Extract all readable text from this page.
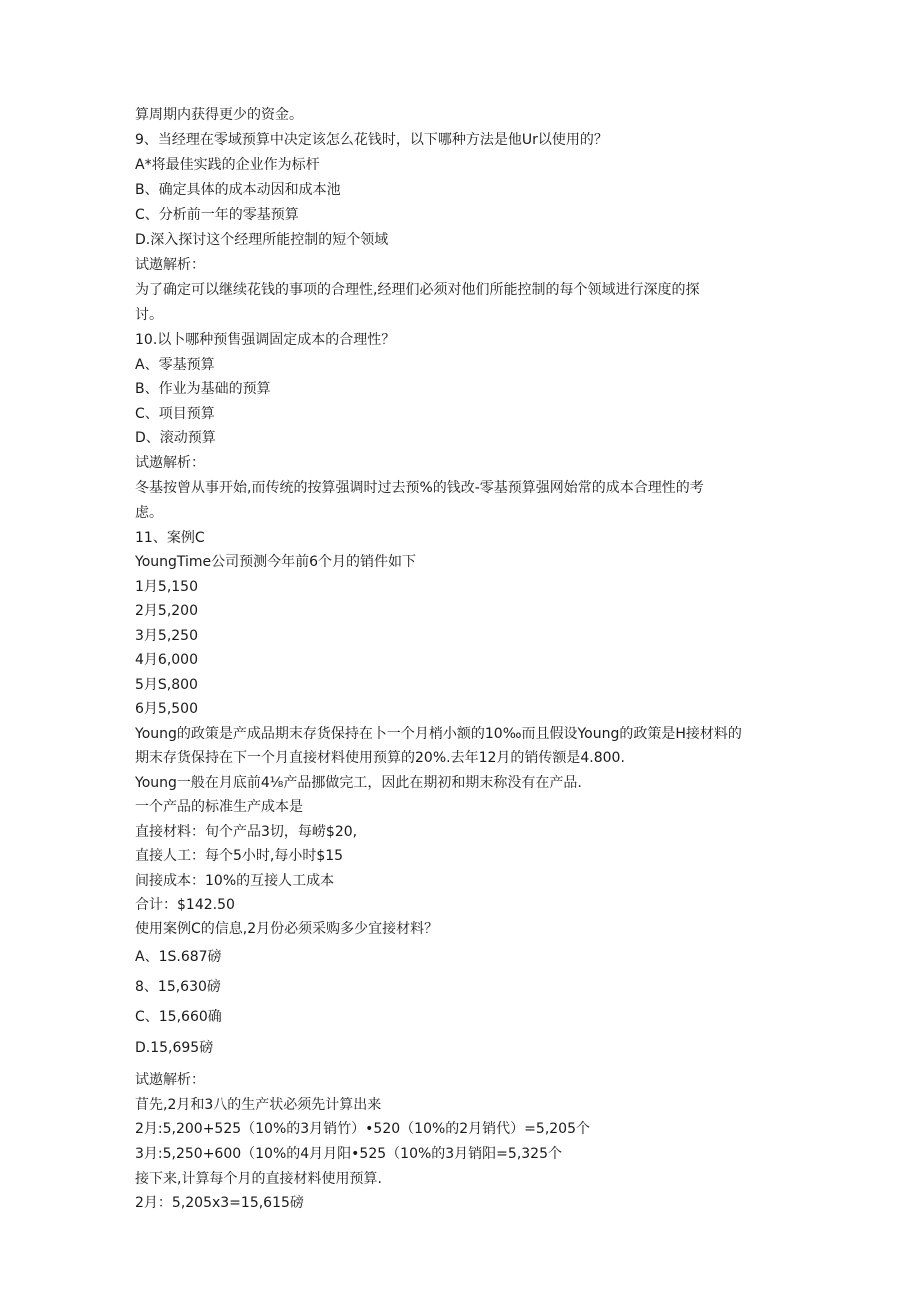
算周期内获得更少的资金。

9、当经理在零域预算中决定该怎么花钱时，以下哪种方法是他Ur以使用的？

A*将最佳实践的企业作为标杆

B、确定具体的成本动因和成本池

C、分析前一年的零基预算

D.深入探讨这个经理所能控制的短个领域

试遨解析：

为了确定可以继续花钱的事项的合理性,经理们必须对他们所能控制的每个领域进行深度的探

讨。

10.以卜哪种预售强调固定成本的合理性？

A、零基预算

B、作业为基础的预算

C、项目预算

D、滚动预算

试遨解析：

冬基按曾从事开始,而传统的按算强调时过去预%的钱改-零基预算强网始常的成本合理性的考

虑。

11、案例C

YoungTime公司预测今年前6个月的销件如下

1月5,150

2月5,200

3月5,250

4月6,000

5月S,800

6月5,500

Young的政策是产成品期末存货保持在卜一个月梢小额的10‰而且假设Young的政策是H接材料的

期末存货保持在下一个月直接材料使用预算的20%.去年12月的销传额是4.800.

Young一般在月底前4⅛产品挪做完工，因此在期初和期末称没有在产品.

一个产品的标准生产成本是

直接材料：旬个产品3切，每崂$20,

直接人工：每个5小时,每小时$15

间接成本：10%的互接人工成本

合计：$142.50

使用案例C的信息,2月份必须采购多少宜接材料？

A、1S.687磅

8、15,630磅

C、15,660确

D.15,695磅

试遨解析：

苜先,2月和3八的生产状必须先计算出来

2月:5,200+525（10%的3月销竹）•520（10%的2月销代）=5,205个

3月:5,250+600（10%的4月月阳•525（10%的3月销阳=5,325个

接下来,计算每个月的直接材料使用预算.

2月：5,205x3=15,615磅
